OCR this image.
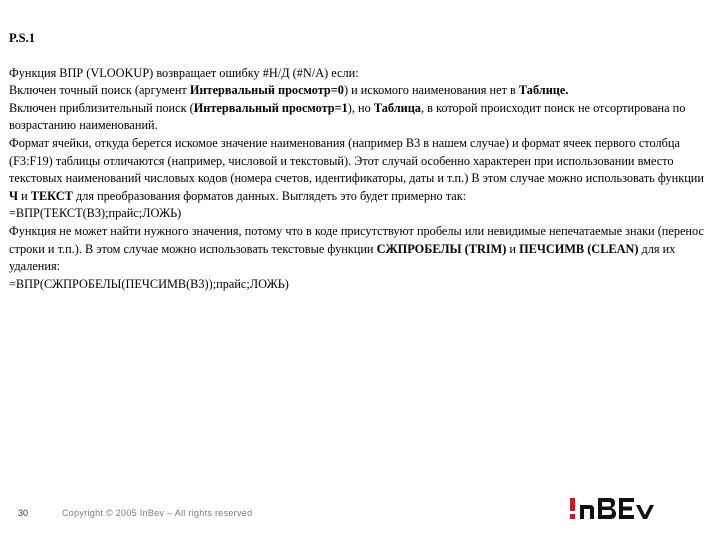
P.S.1

Функция ВПР (VLOOKUP) возвращает ошибку #Н/Д (#N/A) если:

Включен точный поиск (аргумент Интервальный просмотр=0) и искомого наименования нет в Таблице.

Включен приблизительный поиск (Интервальный просмотр=1), но Таблица, в которой происходит поиск не отсортирована по возрастанию наименований.

Формат ячейки, откуда берется искомое значение наименования (например B3 в нашем случае) и формат ячеек первого столбца (F3:F19) таблицы отличаются (например, числовой и текстовый). Этот случай особенно характерен при использовании вместо текстовых наименований числовых кодов (номера счетов, идентификаторы, даты и т.п.) В этом случае можно использовать функции Ч и ТЕКСТ для преобразования форматов данных. Выглядеть это будет примерно так:

=ВПР(ТЕКСТ(B3);прайс;ЛОЖЬ)

Функция не может найти нужного значения, потому что в коде присутствуют пробелы или невидимые непечатаемые знаки (перенос строки и т.п.). В этом случае можно использовать текстовые функции СЖПРОБЕЛЫ (TRIM) и ПЕЧСИМВ (CLEAN) для их удаления:

=ВПР(СЖПРОБЕЛЫ(ПЕЧСИМВ(B3));прайс;ЛОЖЬ)

30	Copyright © 2005 InBev – All rights reserved
